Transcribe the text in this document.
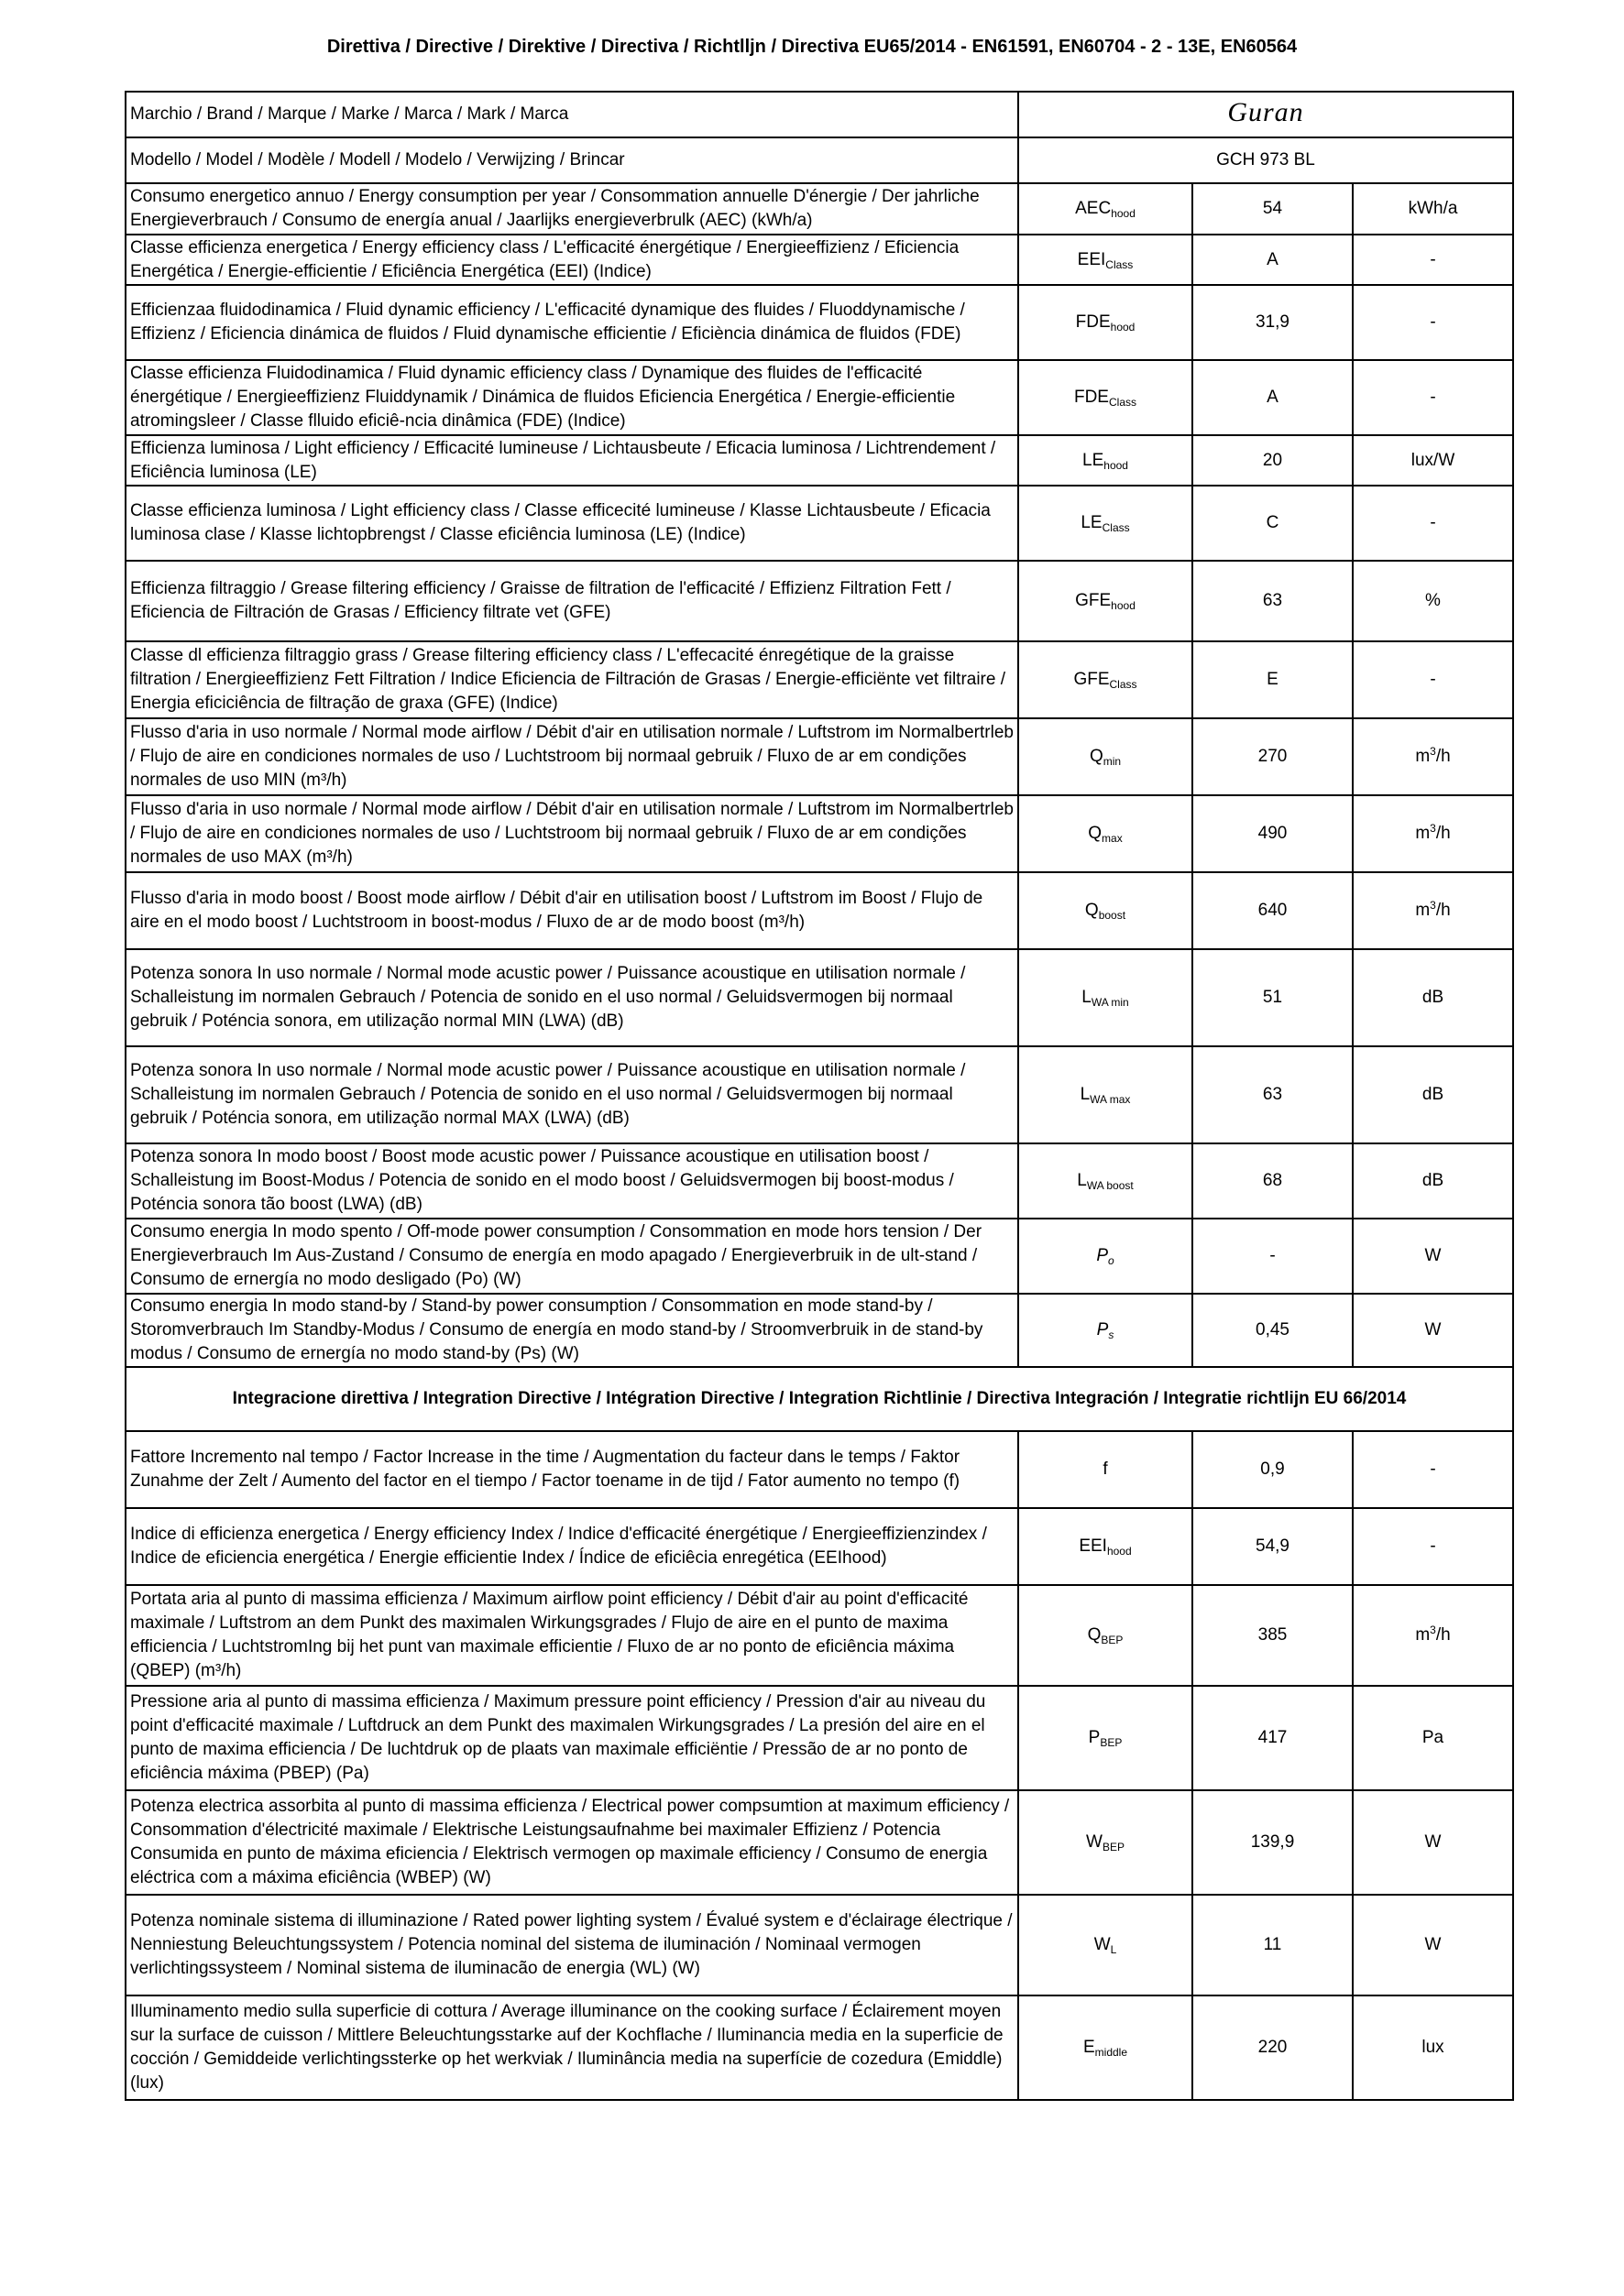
Direttiva / Directive / Direktive / Directiva / Richtlljn / Directiva EU65/2014 - EN61591, EN60704 - 2 - 13E, EN60564
Marchio / Brand / Marque / Marke / Marca / Mark / Marca	Guran		
Modello / Model / Modèle / Modell / Modelo / Verwijzing / Brincar	GCH 973 BL		
Consumo energetico annuo / Energy consumption per year / Consommation annuelle D'énergie / Der jahrliche Energieverbrauch / Consumo de energía anual / Jaarlijks energieverbrulk (AEC) (kWh/a)	$AEC_{hood}$	54	kWh/a
Classe efficienza energetica / Energy efficiency class / L'efficacité énergétique / Energieeffizienz / Eficiencia Energética / Energie-efficientie / Eficiência Energética (EEI) (Indice)	$EEI_{Class}$	A	-
Efficienzaa fluidodinamica / Fluid dynamic efficiency / L'efficacité dynamique des fluides / Fluoddynamische / Effizienz / Eficiencia dinámica de fluidos / Fluid dynamische efficientie / Eficiència dinámica de fluidos (FDE)	$FDE_{hood}$	31,9	-
Classe efficienza Fluidodinamica / Fluid dynamic efficiency class / Dynamique des fluides de l'efficacité énergétique / Energieeffizienz Fluiddynamik / Dinámica de fluidos Eficiencia Energética / Energie-efficientie atromingsleer / Classe flluido eficiê-ncia dinâmica (FDE) (Indice)	$FDE_{Class}$	A	-
Efficienza luminosa / Light efficiency / Efficacité lumineuse / Lichtausbeute / Eficacia luminosa / Lichtrendement / Eficiência luminosa (LE)	$LE_{hood}$	20	lux/W
Classe efficienza luminosa / Light efficiency class / Classe efficecité lumineuse / Klasse Lichtausbeute / Eficacia luminosa clase / Klasse lichtopbrengst / Classe eficiência luminosa (LE) (Indice)	$LE_{Class}$	C	-
Efficienza filtraggio / Grease filtering efficiency / Graisse de filtration de l'efficacité / Effizienz Filtration Fett / Eficiencia de Filtración de Grasas / Efficiency filtrate vet (GFE)	$GFE_{hood}$	63	%
Classe dl efficienza filtraggio grass / Grease filtering efficiency class / L'effecacité énregétique de la graisse filtration / Energieeffizienz Fett Filtration / Indice Eficiencia de Filtración de Grasas / Energie-efficiënte vet filtraire / Energia eficiciência de filtração de graxa (GFE) (Indice)	$GFE_{Class}$	E	-
Flusso d'aria in uso normale / Normal mode airflow / Débit d'air en utilisation normale / Luftstrom im Normalbertrleb / Flujo de aire en condiciones normales de uso / Luchtstroom bij normaal gebruik / Fluxo de ar em condições normales de uso MIN (m³/h)	$Q_{min}$	270	$m^3/h$
Flusso d'aria in uso normale / Normal mode airflow / Débit d'air en utilisation normale / Luftstrom im Normalbertrleb / Flujo de aire en condiciones normales de uso / Luchtstroom bij normaal gebruik / Fluxo de ar em condições normales de uso MAX (m³/h)	$Q_{max}$	490	$m^3/h$
Flusso d'aria in modo boost / Boost mode airflow / Débit d'air en utilisation boost / Luftstrom im Boost / Flujo de aire en el modo boost / Luchtstroom in boost-modus / Fluxo de ar de modo boost (m³/h)	$Q_{boost}$	640	$m^3/h$
Potenza sonora In uso normale / Normal mode acustic power / Puissance acoustique en utilisation normale / Schalleistung im normalen Gebrauch / Potencia de sonido en el uso normal / Geluidsvermogen bij normaal gebruik / Poténcia sonora, em utilização normal MIN (LWA) (dB)	$L_{WA min}$	51	dB
Potenza sonora In uso normale / Normal mode acustic power / Puissance acoustique en utilisation normale / Schalleistung im normalen Gebrauch / Potencia de sonido en el uso normal / Geluidsvermogen bij normaal gebruik / Poténcia sonora, em utilização normal MAX (LWA) (dB)	$L_{WA max}$	63	dB
Potenza sonora In modo boost / Boost mode acustic power / Puissance acoustique en utilisation boost / Schalleistung im Boost-Modus / Potencia de sonido en el modo boost / Geluidsvermogen bij boost-modus / Poténcia sonora tão boost (LWA) (dB)	$L_{WA boost}$	68	dB
Consumo energia In modo spento / Off-mode power consumption / Consommation en mode hors tension / Der Energieverbrauch Im Aus-Zustand / Consumo de energía en modo apagado / Energieverbruik in de ult-stand / Consumo de ernergía no modo desligado (Po) (W)	$P_o$	-	W
Consumo energia In modo stand-by / Stand-by power consumption / Consommation en mode stand-by / Storomverbrauch Im Standby-Modus / Consumo de energía en modo stand-by / Stroomverbruik in de stand-by modus / Consumo de ernergía no modo stand-by (Ps) (W)	$P_s$	0,45	W
Integracione direttiva / Integration Directive / Intégration Directive / Integration Richtlinie / Directiva Integración / Integratie richtlijn EU 66/2014			
Fattore Incremento nal tempo / Factor Increase in the time / Augmentation du facteur dans le temps / Faktor Zunahme der Zelt / Aumento del factor en el tiempo / Factor toename in de tijd / Fator aumento no tempo (f)	f	0,9	-
Indice di efficienza energetica / Energy efficiency Index / Indice d'efficacité énergétique / Energieeffizienzindex / Indice de eficiencia energética / Energie efficientie Index / Índice de eficiêcia enregética (EEIhood)	$EEI_{hood}$	54,9	-
Portata aria al punto di massima efficienza / Maximum airflow point efficiency / Débit d'air au point d'efficacité maximale / Luftstrom an dem Punkt des maximalen Wirkungsgrades / Flujo de aire en el punto de maxima efficiencia / LuchtstromIng bij het punt van maximale efficientie / Fluxo de ar no ponto de eficiência máxima (QBEP) (m³/h)	$Q_{BEP}$	385	$m^3/h$
Pressione aria al punto di massima efficienza / Maximum pressure point efficiency / Pression d'air au niveau du point d'efficacité maximale / Luftdruck an dem Punkt des maximalen Wirkungsgrades / La presión del aire en el punto de maxima efficiencia / De luchtdruk op de plaats van maximale efficiëntie / Pressão de ar no ponto de eficiência máxima (PBEP) (Pa)	$P_{BEP}$	417	Pa
Potenza electrica assorbita al punto di massima efficienza / Electrical power compsumtion at maximum efficiency / Consommation d'électricité maximale / Elektrische Leistungsaufnahme bei maximaler Effizienz / Potencia Consumida en punto de máxima eficiencia / Elektrisch vermogen op maximale efficiency / Consumo de energia eléctrica com a máxima eficiência (WBEP) (W)	$W_{BEP}$	139,9	W
Potenza nominale sistema di illuminazione / Rated power lighting system / Évalué system e d'éclairage électrique / Nenniestung Beleuchtungssystem / Potencia nominal del sistema de iluminación / Nominaal vermogen verlichtingssysteem / Nominal sistema de iluminacão de energia (WL) (W)	$W_L$	11	W
Illuminamento medio sulla superficie di cottura / Average illuminance on the cooking surface / Éclairement moyen sur la surface de cuisson / Mittlere Beleuchtungsstarke auf der Kochflache / Iluminancia media en la superficie de cocción / Gemiddeide verlichtingssterke op het werkviak / Iluminância media na superfície de cozedura (Emiddle) (lux)	$E_{middle}$	220	lux
